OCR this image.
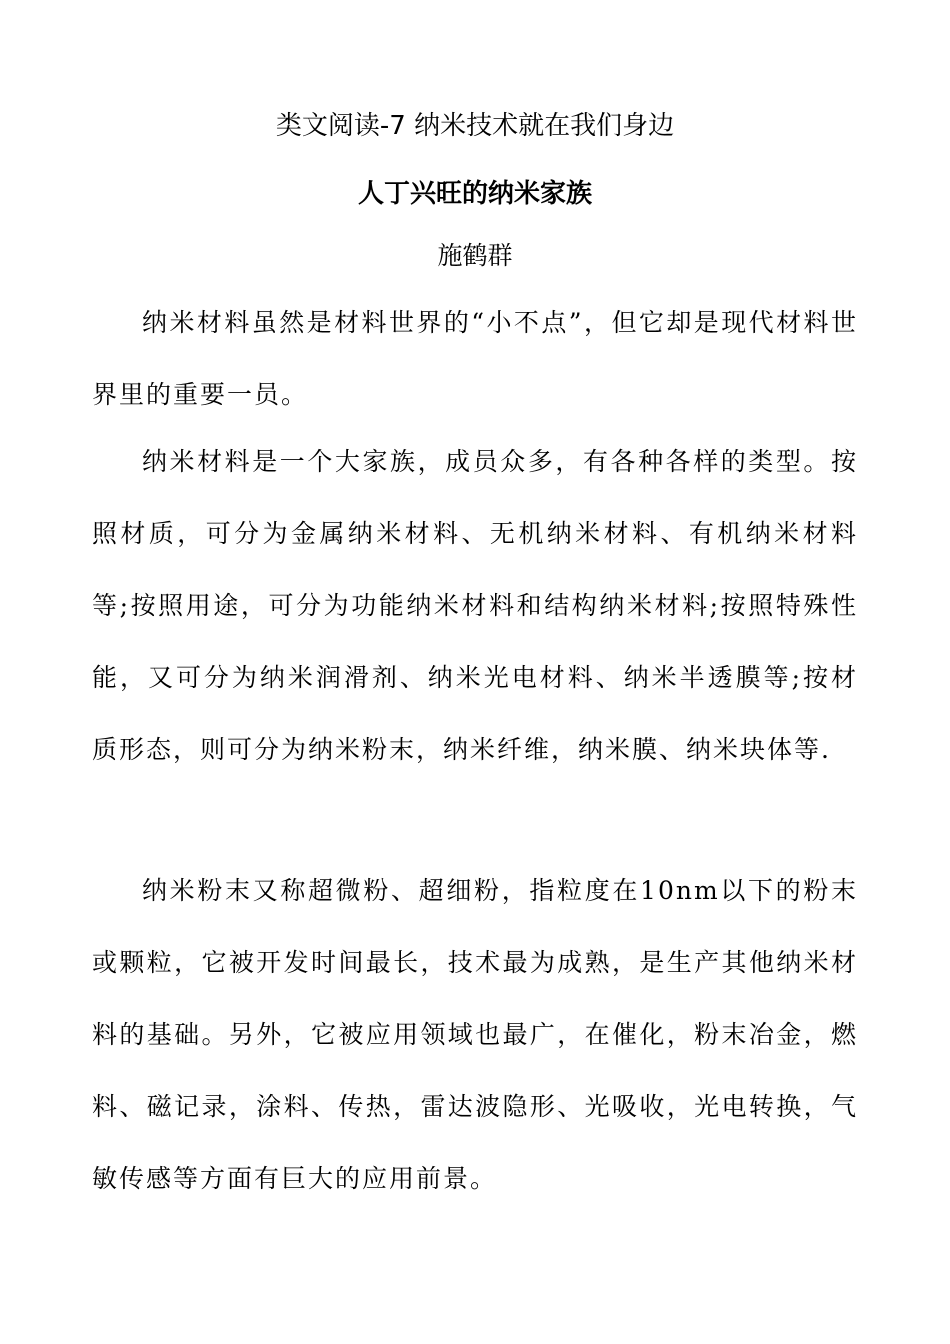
类文阅读-7 纳米技术就在我们身边
人丁兴旺的纳米家族
施鹤群

纳米材料虽然是材料世界的“小不点”，但它却是现代材料世界里的重要一员。

纳米材料是一个大家族，成员众多，有各种各样的类型。按照材质，可分为金属纳米材料、无机纳米材料、有机纳米材料等;按照用途，可分为功能纳米材料和结构纳米材料;按照特殊性能，又可分为纳米润滑剂、纳米光电材料、纳米半透膜等;按材质形态，则可分为纳米粉末，纳米纤维，纳米膜、纳米块体等.

纳米粉末又称超微粉、超细粉，指粒度在10nm以下的粉末或颗粒，它被开发时间最长，技术最为成熟，是生产其他纳米材料的基础。另外，它被应用领域也最广，在催化，粉末冶金，燃料、磁记录，涂料、传热，雷达波隐形、光吸收，光电转换，气敏传感等方面有巨大的应用前景。
